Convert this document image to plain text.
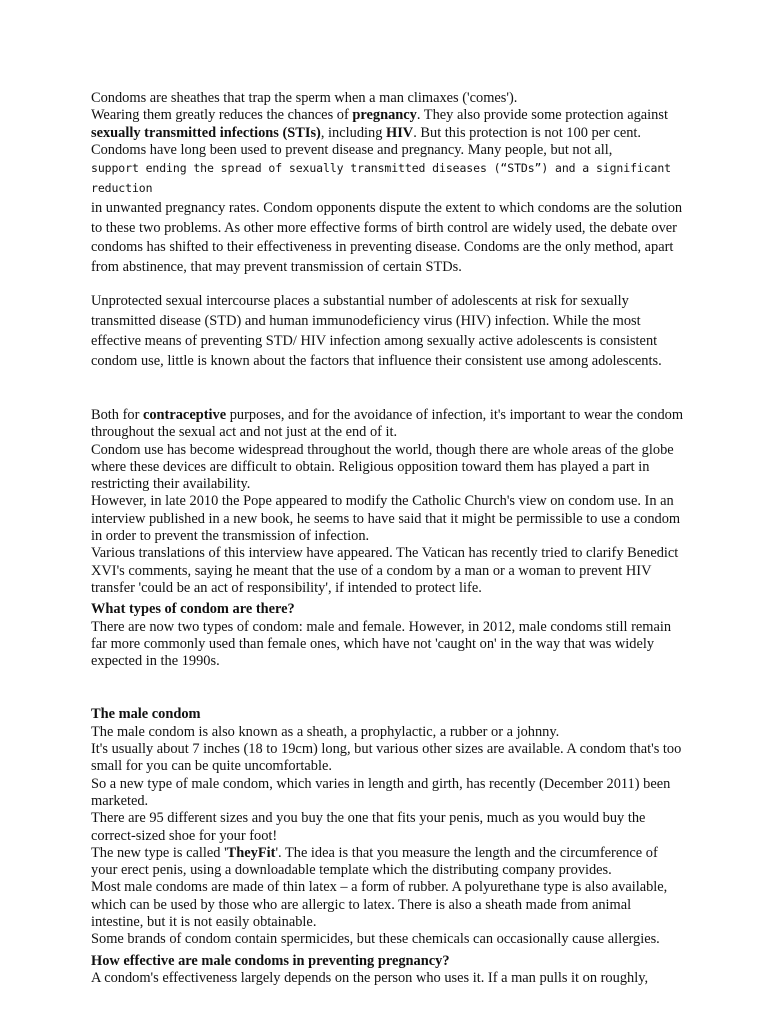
Condoms are sheathes that trap the sperm when a man climaxes ('comes').

Wearing them greatly reduces the chances of pregnancy. They also provide some protection against sexually transmitted infections (STIs), including HIV. But this protection is not 100 per cent.

Condoms have long been used to prevent disease and pregnancy. Many people, but not all,

support ending the spread of sexually transmitted diseases (“STDs”) and a significant reduction

in unwanted pregnancy rates. Condom opponents dispute the extent to which condoms are the solution to these two problems. As other more effective forms of birth control are widely used, the debate over condoms has shifted to their effectiveness in preventing disease. Condoms are the only method, apart from abstinence, that may prevent transmission of certain STDs.

Unprotected sexual intercourse places a substantial number of adolescents at risk for sexually transmitted disease (STD) and human immunodeficiency virus (HIV) infection. While the most effective means of preventing STD/ HIV infection among sexually active adolescents is consistent condom use, little is known about the factors that influence their consistent use among adolescents.

Both for contraceptive purposes, and for the avoidance of infection, it's important to wear the condom throughout the sexual act and not just at the end of it.

Condom use has become widespread throughout the world, though there are whole areas of the globe where these devices are difficult to obtain. Religious opposition toward them has played a part in restricting their availability.

However, in late 2010 the Pope appeared to modify the Catholic Church's view on condom use. In an interview published in a new book, he seems to have said that it might be permissible to use a condom in order to prevent the transmission of infection.

Various translations of this interview have appeared. The Vatican has recently tried to clarify Benedict XVI's comments, saying he meant that the use of a condom by a man or a woman to prevent HIV transfer 'could be an act of responsibility', if intended to protect life.

What types of condom are there?

There are now two types of condom: male and female. However, in 2012, male condoms still remain far more commonly used than female ones, which have not 'caught on' in the way that was widely expected in the 1990s.

The male condom

The male condom is also known as a sheath, a prophylactic, a rubber or a johnny.

It's usually about 7 inches (18 to 19cm) long, but various other sizes are available. A condom that's too small for you can be quite uncomfortable.

So a new type of male condom, which varies in length and girth, has recently (December 2011) been marketed.

There are 95 different sizes and you buy the one that fits your penis, much as you would buy the correct-sized shoe for your foot!

The new type is called 'TheyFit'. The idea is that you measure the length and the circumference of your erect penis, using a downloadable template which the distributing company provides.

Most male condoms are made of thin latex – a form of rubber. A polyurethane type is also available, which can be used by those who are allergic to latex. There is also a sheath made from animal intestine, but it is not easily obtainable.

Some brands of condom contain spermicides, but these chemicals can occasionally cause allergies.

How effective are male condoms in preventing pregnancy?

A condom's effectiveness largely depends on the person who uses it. If a man pulls it on roughly,
